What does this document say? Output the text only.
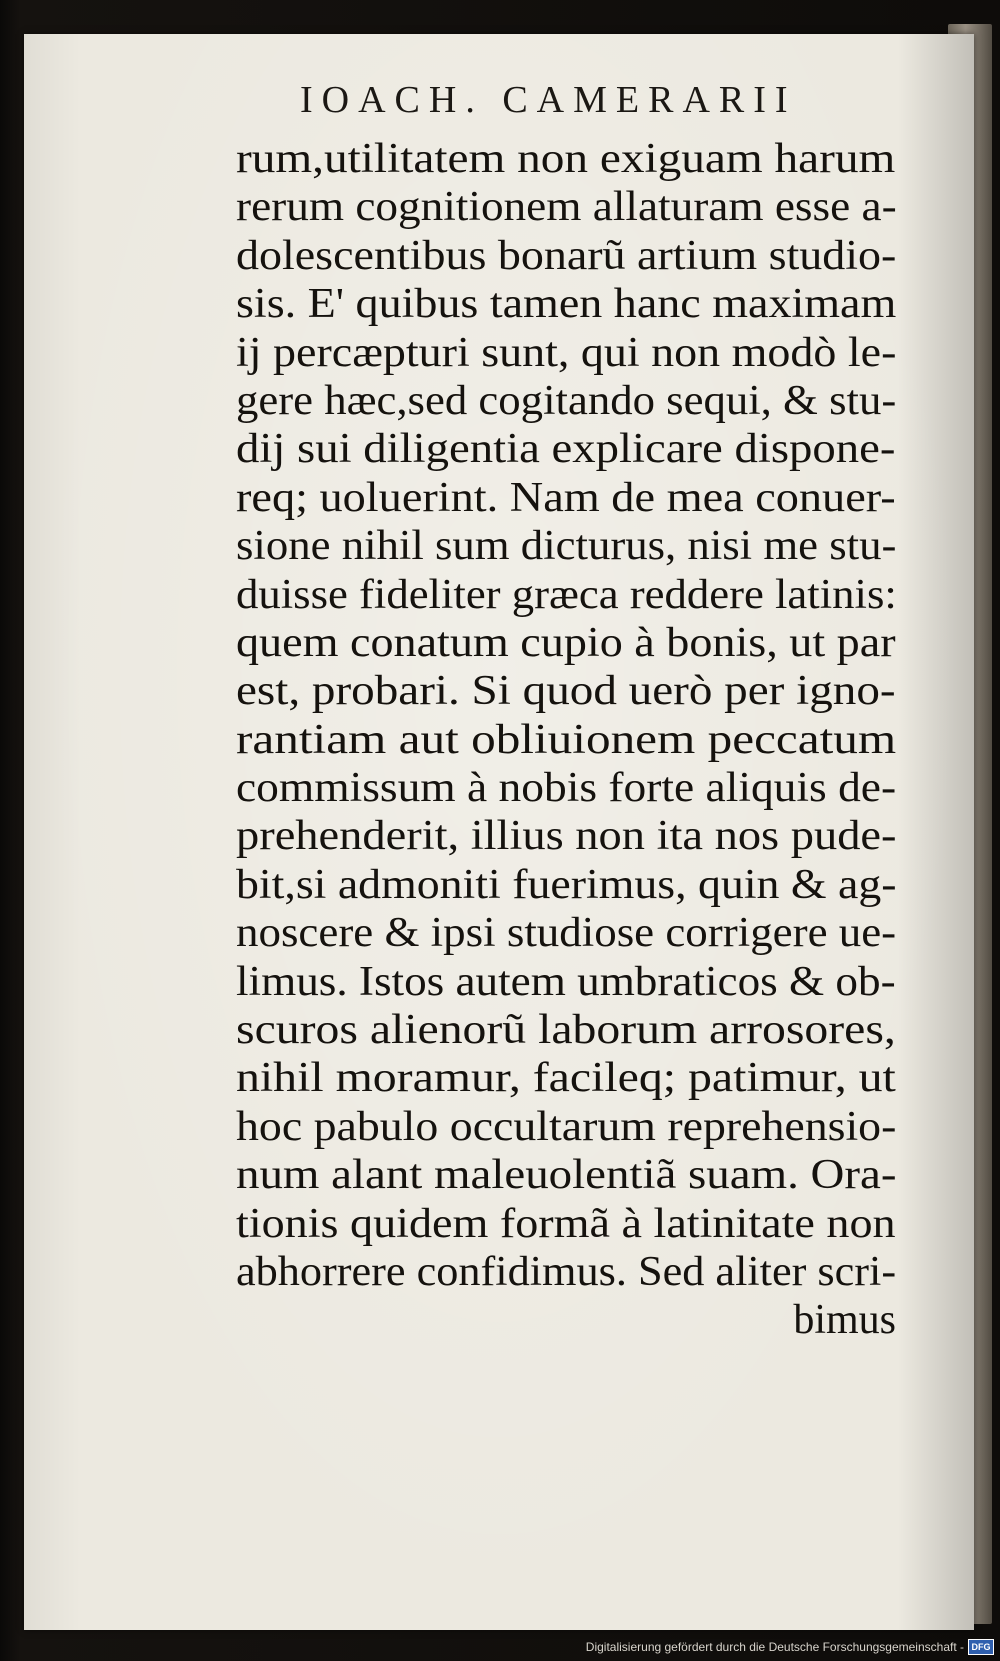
IOACH. CAMERARII
rum,utilitatem non exiguam harum
rerum cognitionem allaturam esse a-
dolescentibus bonarũ artium studio-
sis. E' quibus tamen hanc maximam
ij percæpturi sunt, qui non modò le-
gere hæc,sed cogitando sequi, & stu-
dij sui diligentia explicare dispone-
req; uoluerint. Nam de mea conuer-
sione nihil sum dicturus, nisi me stu-
duisse fideliter græca reddere latinis:
quem conatum cupio à bonis, ut par
est, probari. Si quod uerò per igno-
rantiam aut obliuionem peccatum
commissum à nobis forte aliquis de-
prehenderit, illius non ita nos pude-
bit,si admoniti fuerimus, quin & ag-
noscere & ipsi studiose corrigere ue-
limus. Istos autem umbraticos & ob-
scuros alienorũ laborum arrosores,
nihil moramur, facileq; patimur, ut
hoc pabulo occultarum reprehensio-
num alant maleuolentiã suam. Ora-
tionis quidem formã à latinitate non
abhorrere confidimus. Sed aliter scri-
bimus
Digitalisierung gefördert durch die Deutsche Forschungsgemeinschaft - DFG
